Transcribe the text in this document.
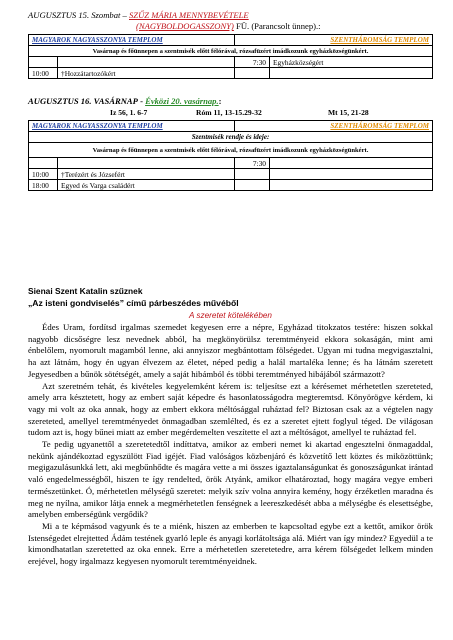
AUGUSZTUS 15. Szombat – SZŰZ MÁRIA MENNYBEVÉTELE
(NAGYBOLDOGASSZONY) FÜ. (Parancsolt ünnep).:
MAGYAROK NAGYASSZONYA TEMPLOM		SZENTHÁROMSÁG TEMPLOM	
Vasárnap és főünnepen a szentmisék előtt félórával, rózsafüzért imádkozunk egyházközségünkért.			
		7:30	Egyházközségért
10:00	†Hozzátartozókért		
AUGUSZTUS 16. VASÁRNAP - Évközi 20. vasárnap.:
Iz 56, 1. 6-7	Róm 11, 13-15.29-32	Mt 15, 21-28
MAGYAROK NAGYASSZONYA TEMPLOM		SZENTHÁROMSÁG TEMPLOM	
Szentmisék rendje és ideje:			
Vasárnap és főünnepen a szentmisék előtt félórával, rózsafüzért imádkozunk egyházközségünkért.			
		7:30	
10:00	†Terézért és Józsefért		
18:00	Egyed és Varga családért		
Sienai Szent Katalin szűznek
„Az isteni gondviselés” című párbeszédes művéből
A szeretet kötelékében

Édes Uram, fordítsd irgalmas szemedet kegyesen erre a népre, Egyházad titokzatos testére: hiszen sokkal nagyobb dicsőségre lesz nevednek abból, ha megkönyörülsz teremtményeid ekkora sokaságán, mint ami énbelőlem, nyomorult magamból lenne, aki annyiszor megbántottam fölségedet. Ugyan mi tudna megvigasztalni, ha azt látnám, hogy én ugyan élvezem az életet, néped pedig a halál martaléka lenne; és ha látnám szeretett Jegyesedben a bűnök sötétségét, amely a saját hibámból és többi teremtményed hibájából származott?

Azt szeretném tehát, és kivételes kegyelemként kérem is: teljesítse ezt a kérésemet mérhetetlen szereteted, amely arra késztetett, hogy az embert saját képedre és hasonlatosságodra megteremtsd. Könyörögve kérdem, ki vagy mi volt az oka annak, hogy az embert ekkora méltósággal ruháztad fel? Biztosan csak az a végtelen nagy szereteted, amellyel teremtményedet önmagadban szemlélted, és ez a szeretet ejtett foglyul téged. De világosan tudom azt is, hogy bűnei miatt az ember megérdemelten veszítette el azt a méltóságot, amellyel te ruháztad fel.

Te pedig ugyanettől a szeretetedtől indíttatva, amikor az emberi nemet ki akartad engesztelni önmagaddal, nekünk ajándékoztad egyszülött Fiad igéjét. Fiad valóságos közbenjáró és közvetítő lett köztes és miközöttünk; megigazulásunkká lett, aki megbűnhődte és magára vette a mi összes igaztalanságunkat és gonoszságunkat irántad való engedelmességből, hiszen te így rendelted, örök Atyánk, amikor elhatároztad, hogy magára vegye emberi természetünket. Ó, mérhetetlen mélységű szeretet: melyik szív volna annyira kemény, hogy érzéketlen maradna és meg ne nyílna, amikor látja ennek a megmérhetetlen fenségnek a leereszkedését abba a mélységbe és elesettségbe, amelyben emberségünk vergődik?

Mi a te képmásod vagyunk és te a miénk, hiszen az emberben te kapcsoltad egybe ezt a kettőt, amikor örök Istenségedet elrejtetted Ádám testének gyarló leple és anyagi korlátoltsága alá. Miért van így mindez? Egyedül a te kimondhatatlan szeretetted az oka ennek. Erre a mérhetetlen szeretetedre, arra kérem fölségedet lelkem minden erejével, hogy irgalmazz kegyesen nyomorult teremtményeidnek.
